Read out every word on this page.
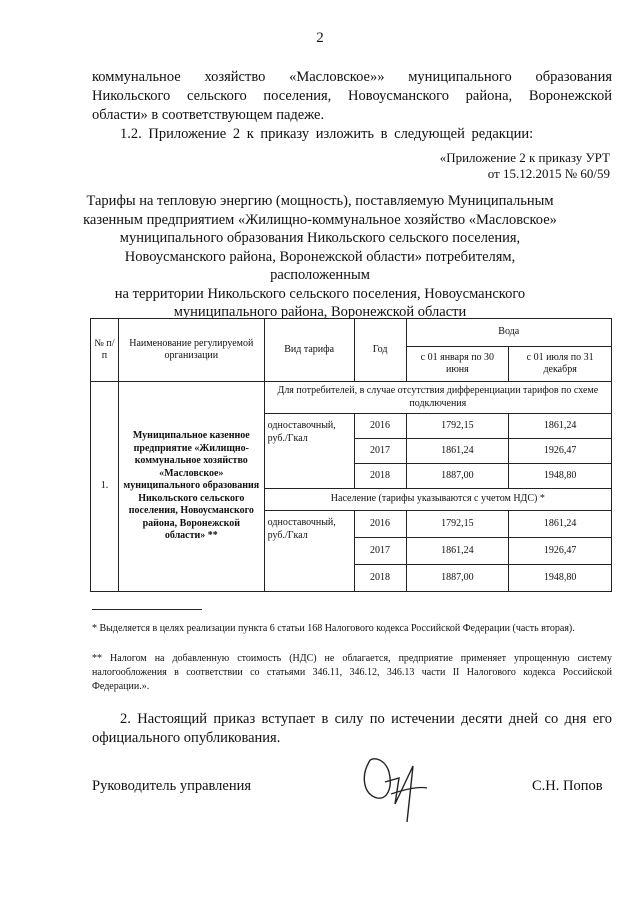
2
коммунальное хозяйство «Масловское»» муниципального образования
Никольского сельского поселения, Новоусманского района, Воронежской
области» в соответствующем падеже.
1.2. Приложение 2 к приказу изложить в следующей редакции:
«Приложение 2 к приказу УРТ
от 15.12.2015 № 60/59
Тарифы на тепловую энергию (мощность), поставляемую Муниципальным
казенным предприятием «Жилищно-коммунальное хозяйство «Масловское»
муниципального образования Никольского сельского поселения,
Новоусманского района, Воронежской области» потребителям, расположенным
на территории Никольского сельского поселения, Новоусманского
муниципального района, Воронежской области
№ п/п	Наименование регулируемой организации	Вид тарифа	Год	Вода	
				с 01 января по 30 июня	с 01 июля по 31 декабря
1.	Муниципальное казенное предприятие «Жилищно-коммунальное хозяйство «Масловское» муниципального образования Никольского сельского поселения, Новоусманского района, Воронежской области» **	Для потребителей, в случае отсутствия дифференциации тарифов по схеме подключения			
		одноставочный, руб./Гкал	2016	1792,15	1861,24
			2017	1861,24	1926,47
			2018	1887,00	1948,80
		Население (тарифы указываются с учетом НДС) *			
		одноставочный, руб./Гкал	2016	1792,15	1861,24
			2017	1861,24	1926,47
			2018	1887,00	1948,80
* Выделяется в целях реализации пункта 6 статьи 168 Налогового кодекса Российской Федерации (часть вторая).
** Налогом на добавленную стоимость (НДС) не облагается, предприятие применяет упрощенную систему налогообложения в соответствии со статьями 346.11, 346.12, 346.13 части II Налогового кодекса Российской Федерации.».
2. Настоящий приказ вступает в силу по истечении десяти дней со дня его официального опубликования.
Руководитель управления	С.Н. Попов
